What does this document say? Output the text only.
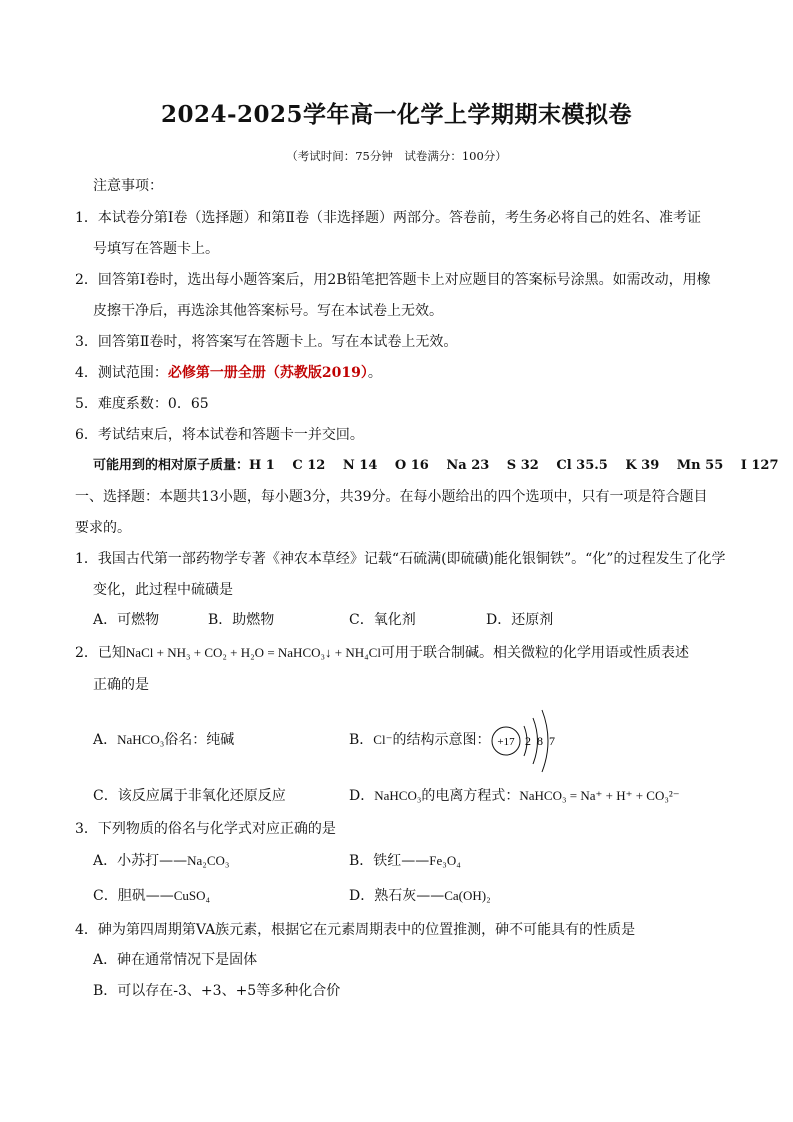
2024-2025学年高一化学上学期期末模拟卷
（考试时间：75分钟　试卷满分：100分）
注意事项：
1．本试卷分第Ⅰ卷（选择题）和第Ⅱ卷（非选择题）两部分。答卷前，考生务必将自己的姓名、准考证
号填写在答题卡上。
2．回答第Ⅰ卷时，选出每小题答案后，用2B铅笔把答题卡上对应题目的答案标号涂黑。如需改动，用橡
皮擦干净后，再选涂其他答案标号。写在本试卷上无效。
3．回答第Ⅱ卷时，将答案写在答题卡上。写在本试卷上无效。
4．测试范围：必修第一册全册（苏教版2019）。
5．难度系数：0．65
6．考试结束后，将本试卷和答题卡一并交回。
可能用到的相对原子质量：H 1　 C 12　 N 14　 O 16　 Na 23　 S 32　 Cl 35.5　 K 39　 Mn 55　 I 127
一、选择题：本题共13小题，每小题3分，共39分。在每小题给出的四个选项中，只有一项是符合题目
要求的。
1．我国古代第一部药物学专著《神农本草经》记载“石硫满(即硫磺)能化银铜铁”。“化”的过程发生了化学
变化，此过程中硫磺是
A．可燃物	B．助燃物	C．氧化剂	D．还原剂
2．已知NaCl + NH₃ + CO₂ + H₂O = NaHCO₃↓ + NH₄Cl可用于联合制碱。相关微粒的化学用语或性质表述
正确的是
A．NaHCO₃俗名：纯碱	B．Cl⁻的结构示意图： +17 2 8 7
C．该反应属于非氧化还原反应	D．NaHCO₃的电离方程式：NaHCO₃ = Na⁺ + H⁺ + CO₃²⁻
3．下列物质的俗名与化学式对应正确的是
A．小苏打——Na₂CO₃	B．铁红——Fe₃O₄
C．胆矾——CuSO₄	D．熟石灰——Ca(OH)₂
4．砷为第四周期第VA族元素，根据它在元素周期表中的位置推测，砷不可能具有的性质是
A．砷在通常情况下是固体
B．可以存在-3、+3、+5等多种化合价
